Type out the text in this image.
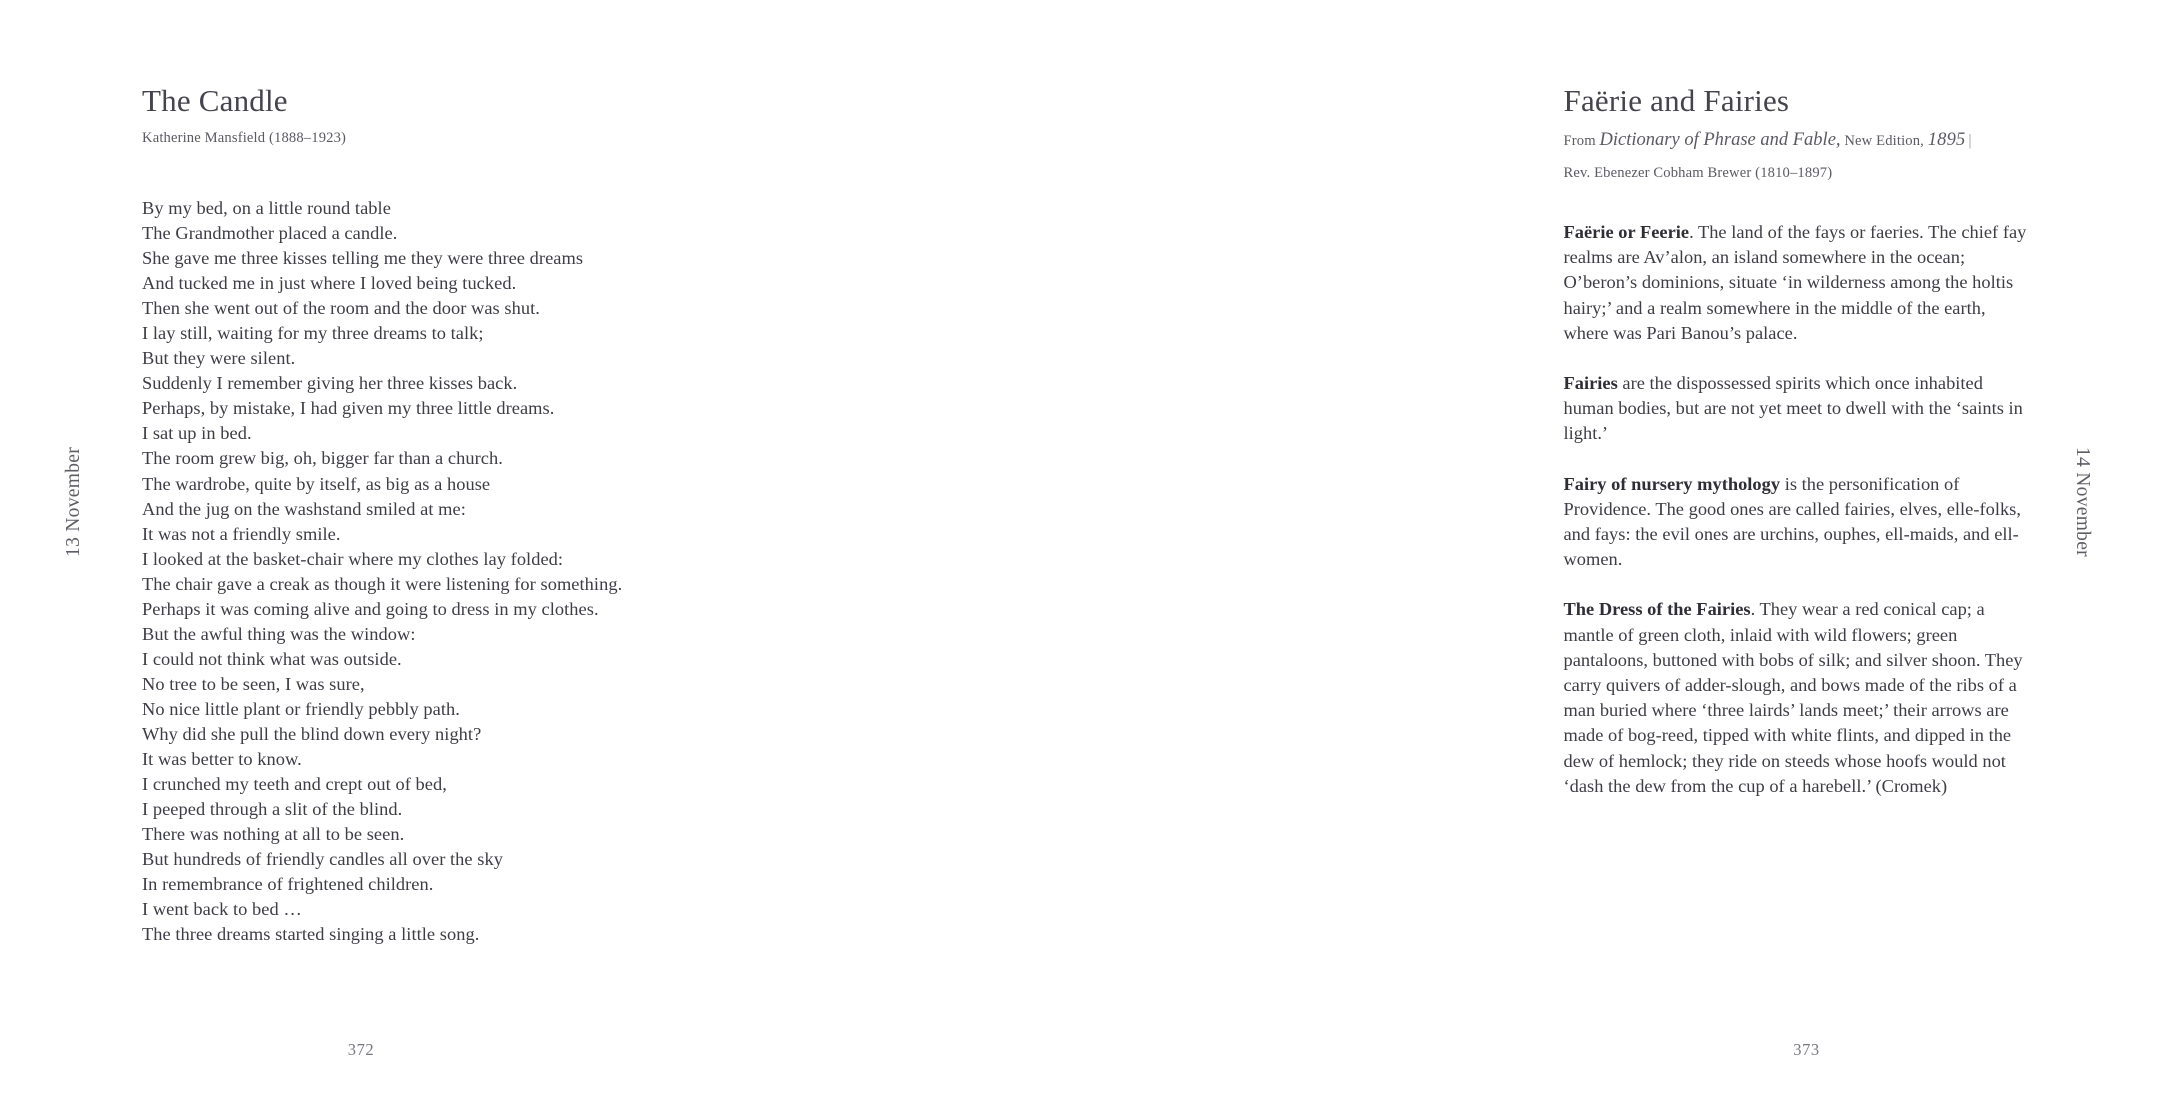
13 November
The Candle

Katherine Mansfield (1888–1923)

By my bed, on a little round table
The Grandmother placed a candle.
She gave me three kisses telling me they were three dreams
And tucked me in just where I loved being tucked.
Then she went out of the room and the door was shut.
I lay still, waiting for my three dreams to talk;
But they were silent.
Suddenly I remember giving her three kisses back.
Perhaps, by mistake, I had given my three little dreams.
I sat up in bed.
The room grew big, oh, bigger far than a church.
The wardrobe, quite by itself, as big as a house
And the jug on the washstand smiled at me:
It was not a friendly smile.
I looked at the basket-chair where my clothes lay folded:
The chair gave a creak as though it were listening for something.
Perhaps it was coming alive and going to dress in my clothes.
But the awful thing was the window:
I could not think what was outside.
No tree to be seen, I was sure,
No nice little plant or friendly pebbly path.
Why did she pull the blind down every night?
It was better to know.
I crunched my teeth and crept out of bed,
I peeped through a slit of the blind.
There was nothing at all to be seen.
But hundreds of friendly candles all over the sky
In remembrance of frightened children.
I went back to bed …
The three dreams started singing a little song.
372
14 November
Faërie and Fairies

From Dictionary of Phrase and Fable, New Edition, 1895 |

Rev. Ebenezer Cobham Brewer (1810–1897)

Faërie or Feerie. The land of the fays or faeries. The chief fay realms are Av’alon, an island somewhere in the ocean; O’beron’s dominions, situate ‘in wilderness among the holtis hairy;’ and a realm somewhere in the middle of the earth, where was Pari Banou’s palace.

Fairies are the dispossessed spirits which once inhabited human bodies, but are not yet meet to dwell with the ‘saints in light.’

Fairy of nursery mythology is the personification of Providence. The good ones are called fairies, elves, elle-folks, and fays: the evil ones are urchins, ouphes, ell-maids, and ell-women.

The Dress of the Fairies. They wear a red conical cap; a mantle of green cloth, inlaid with wild flowers; green pantaloons, buttoned with bobs of silk; and silver shoon. They carry quivers of adder-slough, and bows made of the ribs of a man buried where ‘three lairds’ lands meet;’ their arrows are made of bog-reed, tipped with white flints, and dipped in the dew of hemlock; they ride on steeds whose hoofs would not ‘dash the dew from the cup of a harebell.’ (Cromek)

373
